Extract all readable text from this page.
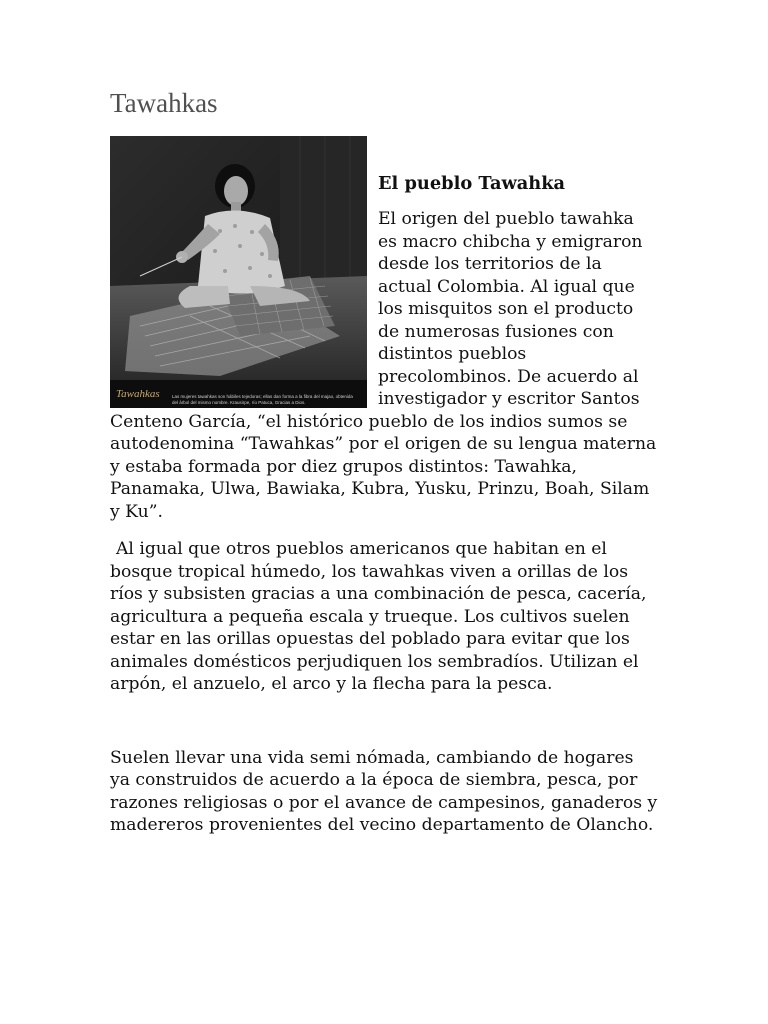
Tawahkas
Tawahkas	Las mujeres tawahkas son hábiles tejedoras; ellas dan forma a la fibra del majao, obtenida del árbol del mismo nombre. Krausirpe, río Patuca, Gracias a Dios.
El pueblo Tawahka

El origen del pueblo tawahka es macro chibcha y emigraron desde los territorios de la actual Colombia. Al igual que los misquitos son el producto de numerosas fusiones con distintos pueblos precolombinos. De acuerdo al investigador y escritor Santos Centeno García, “el histórico pueblo de los indios sumos se autodenomina “Tawahkas” por el origen de su lengua materna y estaba formada por diez grupos distintos: Tawahka, Panamaka, Ulwa, Bawiaka, Kubra, Yusku, Prinzu, Boah, Silam y Ku”.

Al igual que otros pueblos americanos que habitan en el bosque tropical húmedo, los tawahkas viven a orillas de los ríos y subsisten gracias a una combinación de pesca, cacería, agricultura a pequeña escala y trueque. Los cultivos suelen estar en las orillas opuestas del poblado para evitar que los animales domésticos perjudiquen los sembradíos. Utilizan el arpón, el anzuelo, el arco y la flecha para la pesca.

Suelen llevar una vida semi nómada, cambiando de hogares ya construidos de acuerdo a la época de siembra, pesca, por razones religiosas o por el avance de campesinos, ganaderos y madereros provenientes del vecino departamento de Olancho.
